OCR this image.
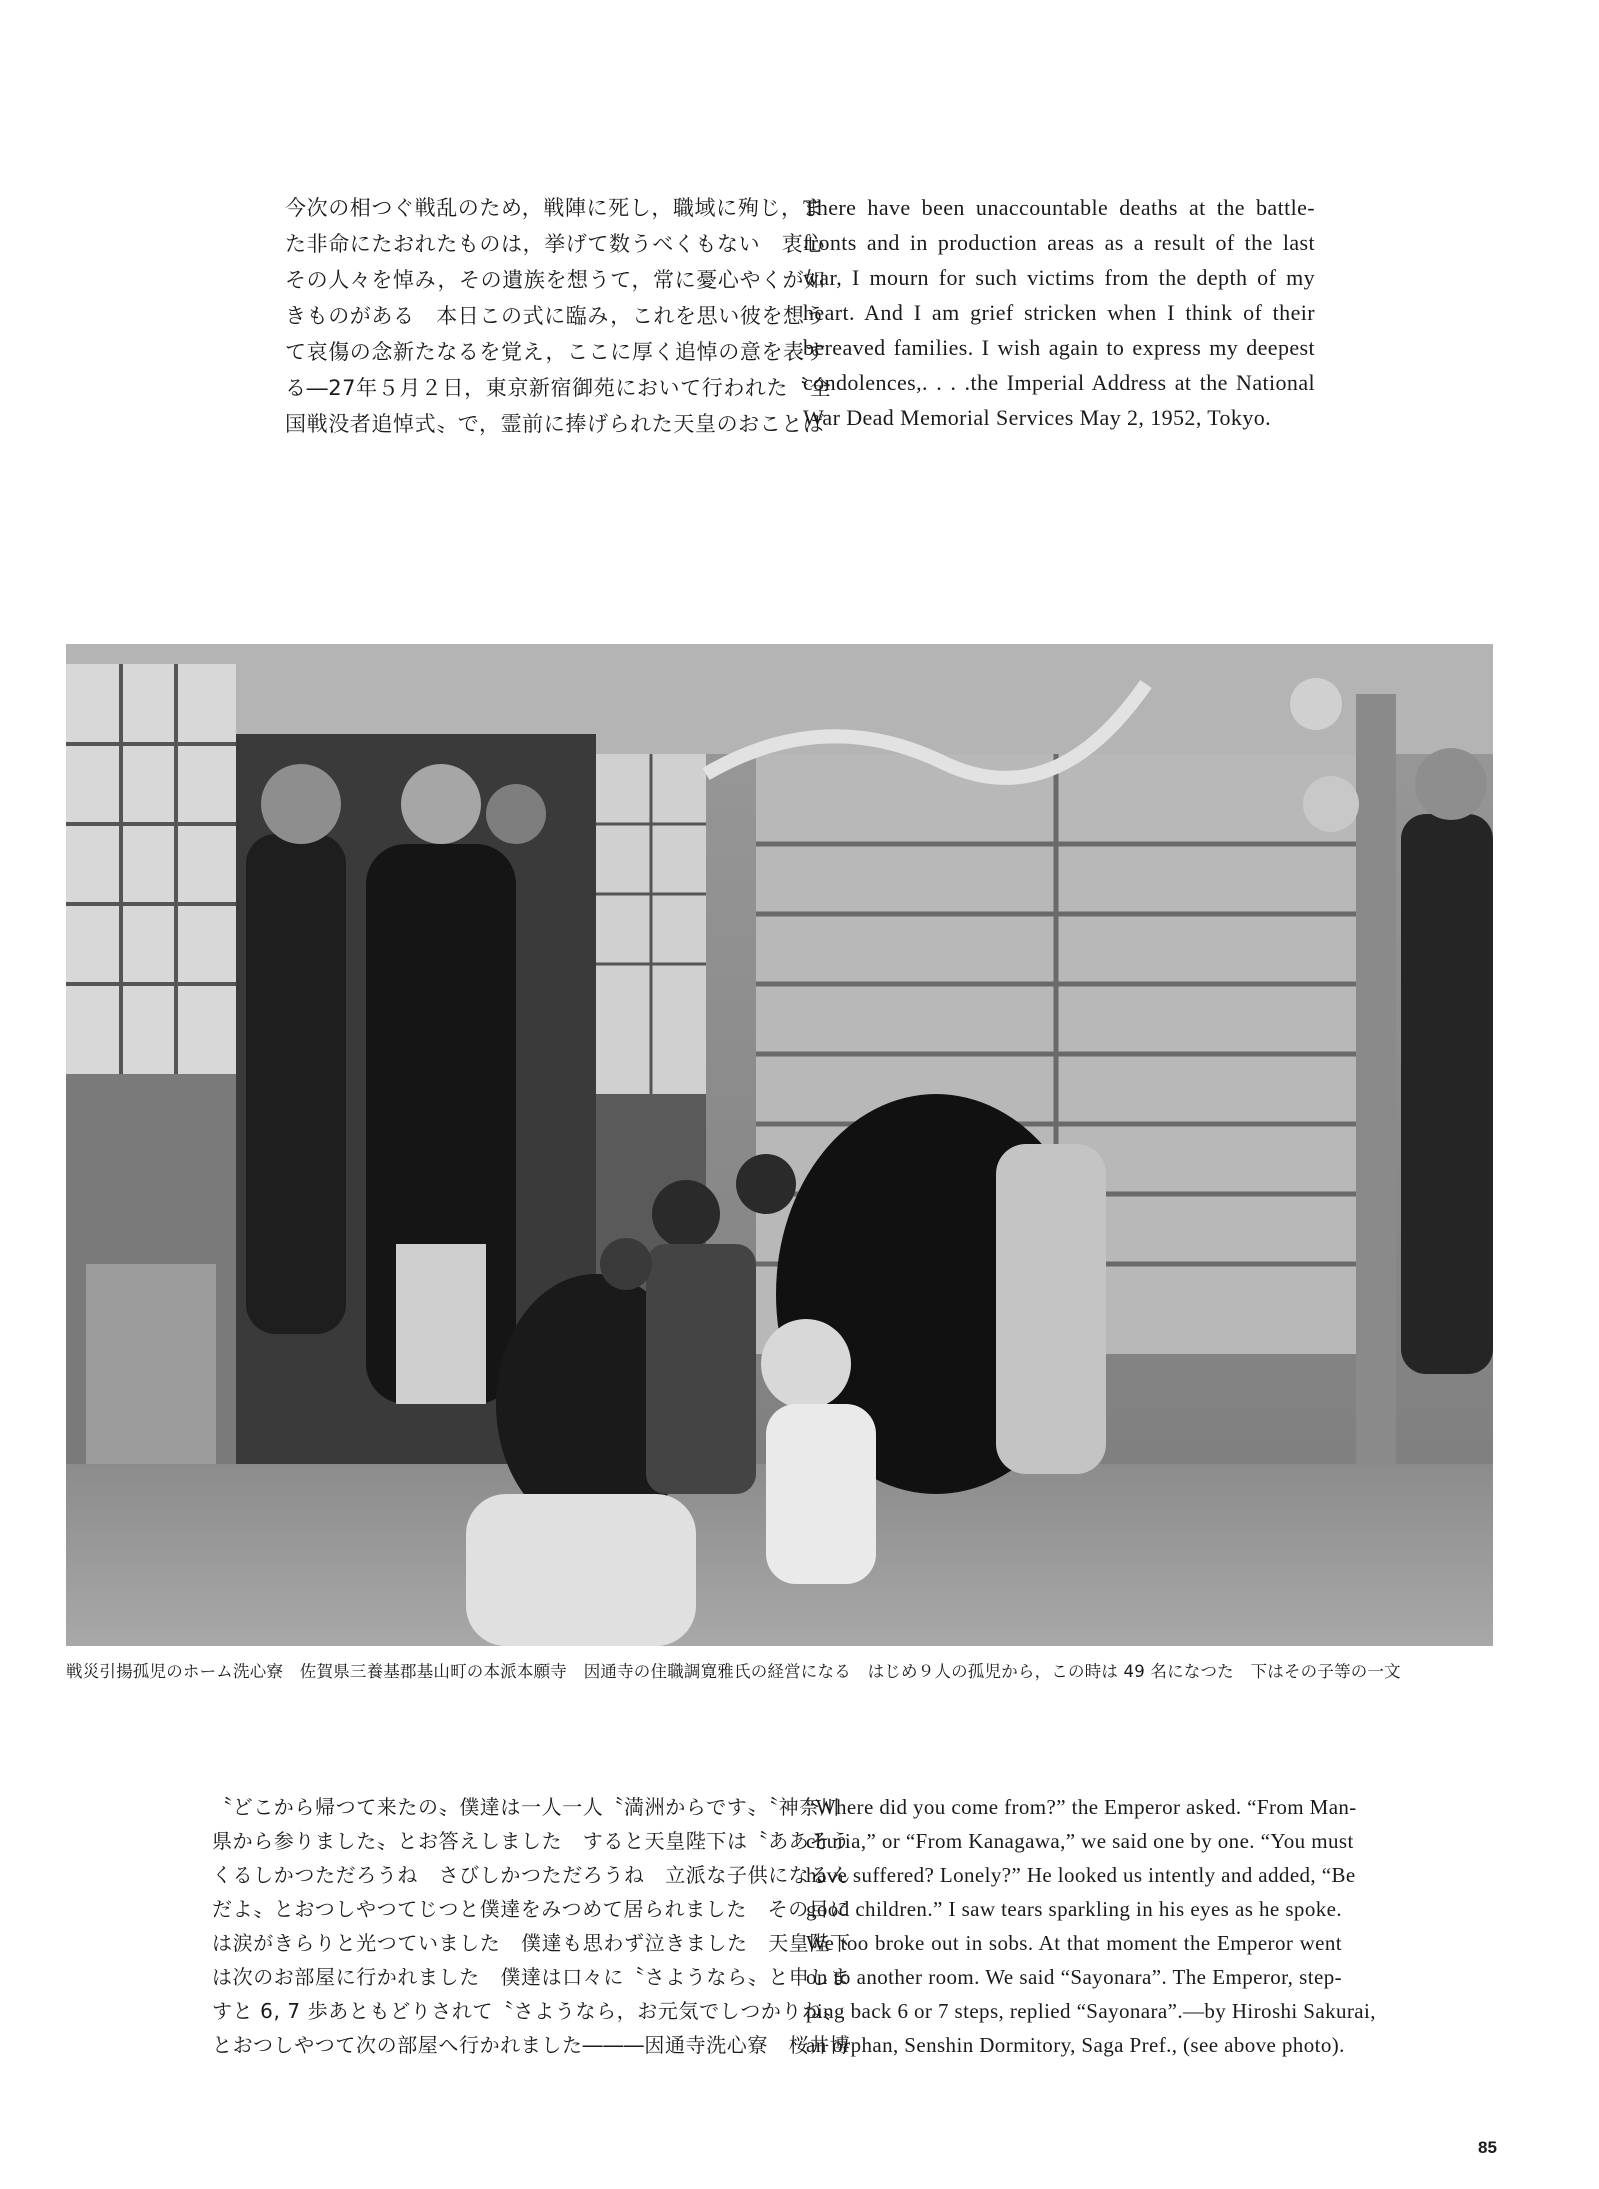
今次の相つぐ戦乱のため，戦陣に死し，職域に殉じ，ま
た非命にたおれたものは，挙げて数うべくもない　衷心
その人々を悼み，その遺族を想うて，常に憂心やくが如
きものがある　本日この式に臨み，これを思い彼を想う
て哀傷の念新たなるを覚え，ここに厚く追悼の意を表す
る―27年５月２日，東京新宿御苑において行われた〝全
国戦没者追悼式〟で，霊前に捧げられた天皇のおことば
There have been unaccountable deaths at the battle-
fronts and in production areas as a result of the last
war, I mourn for such victims from the depth of my
heart. And I am grief stricken when I think of their
bereaved families. I wish again to express my deepest
condolences,. . . .the Imperial Address at the National
War Dead Memorial Services May 2, 1952, Tokyo.
戦災引揚孤児のホーム洗心寮　佐賀県三養基郡基山町の本派本願寺　因通寺の住職調寛雅氏の経営になる　はじめ９人の孤児から，この時は 49 名になつた　下はその子等の一文
〝どこから帰つて来たの〟僕達は一人一人〝満洲からです〟〝神奈川
県から参りました〟とお答えしました　すると天皇陛下は〝ああそう
くるしかつただろうね　さびしかつただろうね　立派な子供になるん
だよ〟とおつしやつてじつと僕達をみつめて居られました　その目に
は涙がきらりと光つていました　僕達も思わず泣きました　天皇陛下
は次のお部屋に行かれました　僕達は口々に〝さようなら〟と申しま
すと 6, 7 歩あともどりされて〝さようなら，お元気でしつかりね〟
とおつしやつて次の部屋へ行かれました―――因通寺洗心寮　桜井博
“Where did you come from?” the Emperor asked. “From Man-
churia,” or “From Kanagawa,” we said one by one. “You must
have suffered? Lonely?” He looked us intently and added, “Be
good children.” I saw tears sparkling in his eyes as he spoke.
We too broke out in sobs. At that moment the Emperor went
on to another room. We said “Sayonara”. The Emperor, step-
ping back 6 or 7 steps, replied “Sayonara”.—by Hiroshi Sakurai,
an orphan, Senshin Dormitory, Saga Pref., (see above photo).
85
